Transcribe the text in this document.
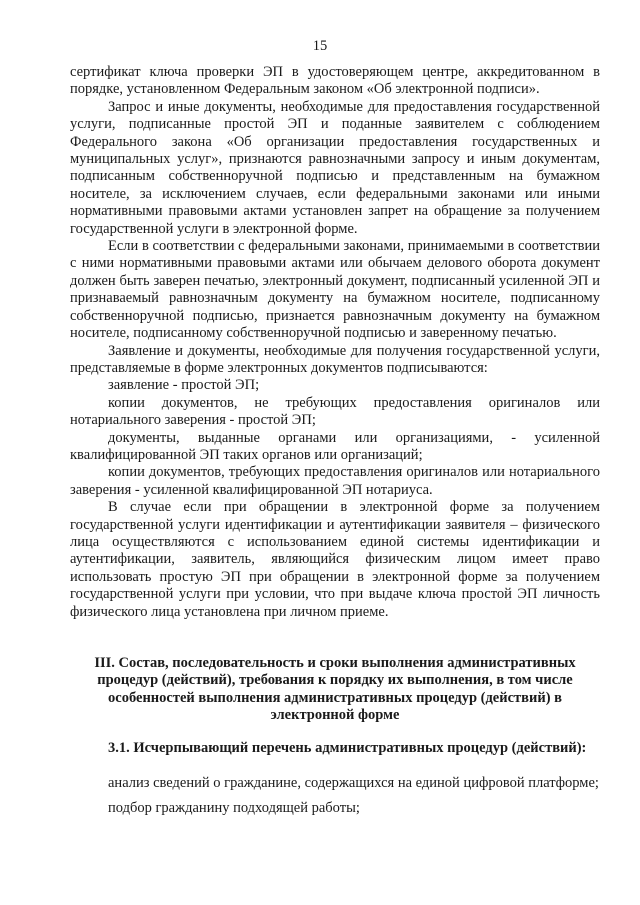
15

сертификат ключа проверки ЭП в удостоверяющем центре, аккредитованном в порядке, установленном Федеральным законом «Об электронной подписи».

Запрос и иные документы, необходимые для предоставления государственной услуги, подписанные простой ЭП и поданные заявителем с соблюдением Федерального закона «Об организации предоставления государственных и муниципальных услуг», признаются равнозначными запросу и иным документам, подписанным собственноручной подписью и представленным на бумажном носителе, за исключением случаев, если федеральными законами или иными нормативными правовыми актами установлен запрет на обращение за получением государственной услуги в электронной форме.

Если в соответствии с федеральными законами, принимаемыми в соответствии с ними нормативными правовыми актами или обычаем делового оборота документ должен быть заверен печатью, электронный документ, подписанный усиленной ЭП и признаваемый равнозначным документу на бумажном носителе, подписанному собственноручной подписью, признается равнозначным документу на бумажном носителе, подписанному собственноручной подписью и заверенному печатью.

Заявление и документы, необходимые для получения государственной услуги, представляемые в форме электронных документов подписываются:

заявление - простой ЭП;

копии документов, не требующих предоставления оригиналов или нотариального заверения - простой ЭП;

документы, выданные органами или организациями, - усиленной квалифицированной ЭП таких органов или организаций;

копии документов, требующих предоставления оригиналов или нотариального заверения - усиленной квалифицированной ЭП нотариуса.

В случае если при обращении в электронной форме за получением государственной услуги идентификации и аутентификации заявителя – физического лица осуществляются с использованием единой системы идентификации и аутентификации, заявитель, являющийся физическим лицом имеет право использовать простую ЭП при обращении в электронной форме за получением государственной услуги при условии, что при выдаче ключа простой ЭП личность физического лица установлена при личном приеме.

III. Состав, последовательность и сроки выполнения административных процедур (действий), требования к порядку их выполнения, в том числе особенностей выполнения административных процедур (действий) в электронной форме
3.1. Исчерпывающий перечень административных процедур (действий):

анализ сведений о гражданине, содержащихся на единой цифровой платформе;

подбор гражданину подходящей работы;
